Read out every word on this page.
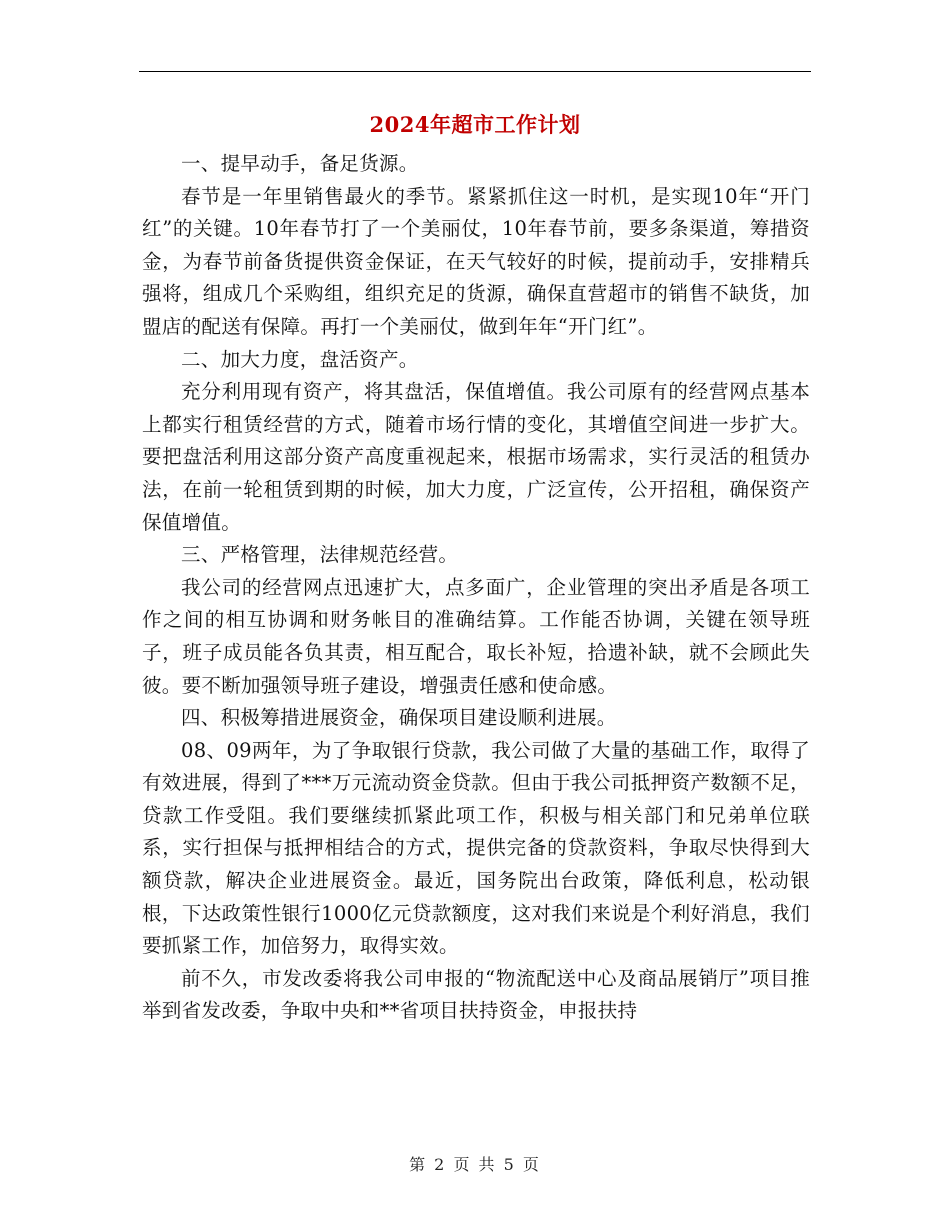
2024年超市工作计划

一、提早动手，备足货源。

春节是一年里销售最火的季节。紧紧抓住这一时机，是实现10年“开门红”的关键。10年春节打了一个美丽仗，10年春节前，要多条渠道，筹措资金，为春节前备货提供资金保证，在天气较好的时候，提前动手，安排精兵强将，组成几个采购组，组织充足的货源，确保直营超市的销售不缺货，加盟店的配送有保障。再打一个美丽仗，做到年年“开门红”。

二、加大力度，盘活资产。

充分利用现有资产，将其盘活，保值增值。我公司原有的经营网点基本上都实行租赁经营的方式，随着市场行情的变化，其增值空间进一步扩大。要把盘活利用这部分资产高度重视起来，根据市场需求，实行灵活的租赁办法，在前一轮租赁到期的时候，加大力度，广泛宣传，公开招租，确保资产保值增值。

三、严格管理，法律规范经营。

我公司的经营网点迅速扩大，点多面广，企业管理的突出矛盾是各项工作之间的相互协调和财务帐目的准确结算。工作能否协调，关键在领导班子，班子成员能各负其责，相互配合，取长补短，拾遗补缺，就不会顾此失彼。要不断加强领导班子建设，增强责任感和使命感。

四、积极筹措进展资金，确保项目建设顺利进展。

08、09两年，为了争取银行贷款，我公司做了大量的基础工作，取得了有效进展，得到了***万元流动资金贷款。但由于我公司抵押资产数额不足，贷款工作受阻。我们要继续抓紧此项工作，积极与相关部门和兄弟单位联系，实行担保与抵押相结合的方式，提供完备的贷款资料，争取尽快得到大额贷款，解决企业进展资金。最近，国务院出台政策，降低利息，松动银根，下达政策性银行1000亿元贷款额度，这对我们来说是个利好消息，我们要抓紧工作，加倍努力，取得实效。

前不久，市发改委将我公司申报的“物流配送中心及商品展销厅”项目推举到省发改委，争取中央和**省项目扶持资金，申报扶持

第 2 页 共 5 页
